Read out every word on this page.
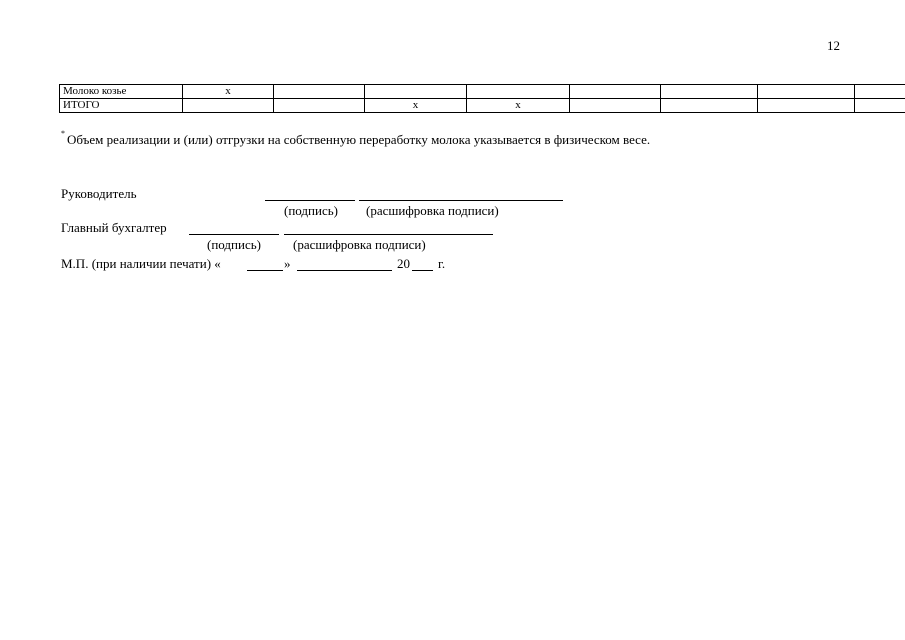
12
Молоко козье	х							
ИТОГО			х	х				
* Объем реализации и (или) отгрузки на собственную переработку молока указывается в физическом весе.
Руководитель
(подпись) (расшифровка подписи)
Главный бухгалтер
(подпись) (расшифровка подписи)
М.П. (при наличии печати) «	»	20 г.
